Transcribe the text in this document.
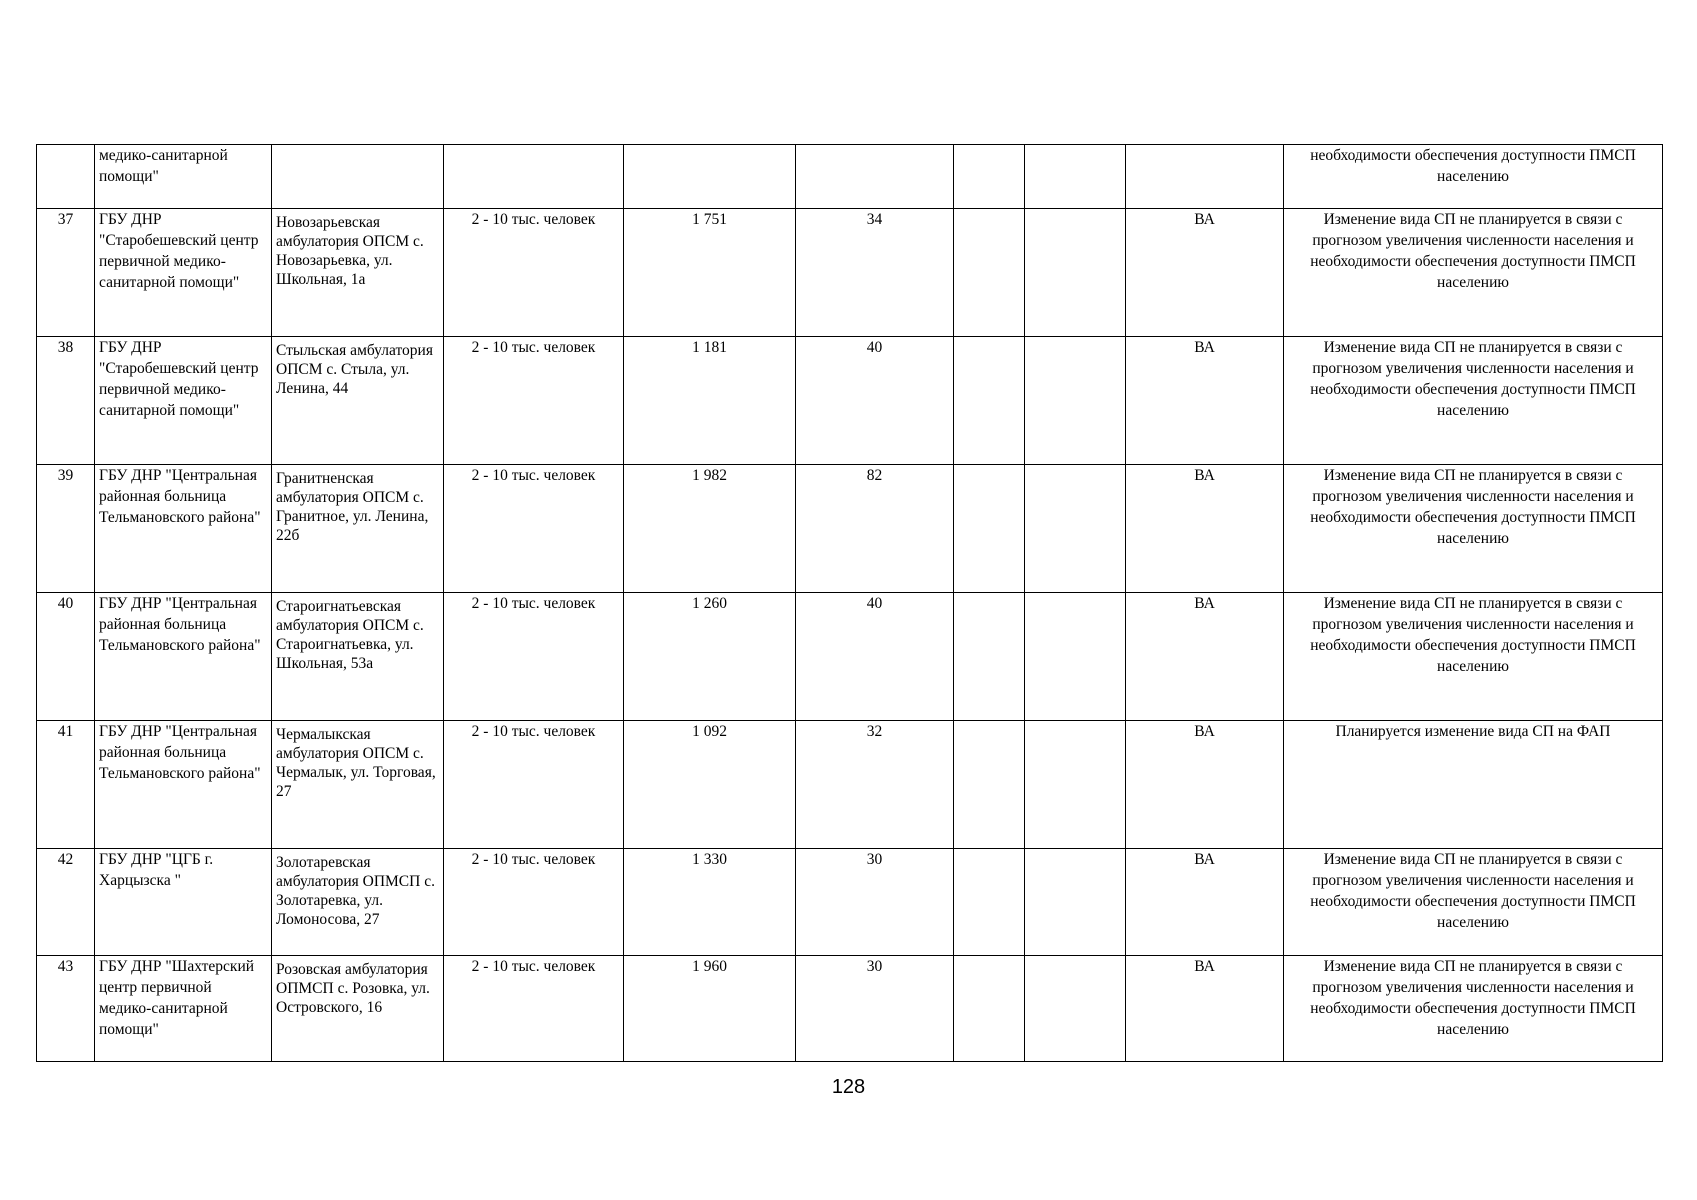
	медико-санитарной помощи"								необходимости обеспечения доступности ПМСП населению
37	ГБУ ДНР "Старобешевский центр первичной медико-санитарной помощи"	Новозарьевская амбулатория ОПСМ с. Новозарьевка, ул. Школьная, 1а	2 - 10 тыс. человек	1 751	34			ВА	Изменение вида СП не планируется в связи с прогнозом увеличения численности населения и необходимости обеспечения доступности ПМСП населению
38	ГБУ ДНР "Старобешевский центр первичной медико-санитарной помощи"	Стыльская амбулатория ОПСМ с. Стыла, ул. Ленина, 44	2 - 10 тыс. человек	1 181	40			ВА	Изменение вида СП не планируется в связи с прогнозом увеличения численности населения и необходимости обеспечения доступности ПМСП населению
39	ГБУ ДНР "Центральная районная больница Тельмановского района"	Гранитненская амбулатория ОПСМ с. Гранитное, ул. Ленина, 22б	2 - 10 тыс. человек	1 982	82			ВА	Изменение вида СП не планируется в связи с прогнозом увеличения численности населения и необходимости обеспечения доступности ПМСП населению
40	ГБУ ДНР "Центральная районная больница Тельмановского района"	Староигнатьевская амбулатория ОПСМ с. Староигнатьевка, ул. Школьная, 53а	2 - 10 тыс. человек	1 260	40			ВА	Изменение вида СП не планируется в связи с прогнозом увеличения численности населения и необходимости обеспечения доступности ПМСП населению
41	ГБУ ДНР "Центральная районная больница Тельмановского района"	Чермалыкская амбулатория ОПСМ с. Чермалык, ул. Торговая, 27	2 - 10 тыс. человек	1 092	32			ВА	Планируется изменение вида СП на ФАП
42	ГБУ ДНР "ЦГБ г. Харцызска "	Золотаревская амбулатория ОПМСП с. Золотаревка, ул. Ломоносова, 27	2 - 10 тыс. человек	1 330	30			ВА	Изменение вида СП не планируется в связи с прогнозом увеличения численности населения и необходимости обеспечения доступности ПМСП населению
43	ГБУ ДНР "Шахтерский центр первичной медико-санитарной помощи"	Розовская амбулатория ОПМСП с. Розовка, ул. Островского, 16	2 - 10 тыс. человек	1 960	30			ВА	Изменение вида СП не планируется в связи с прогнозом увеличения численности населения и необходимости обеспечения доступности ПМСП населению
128
